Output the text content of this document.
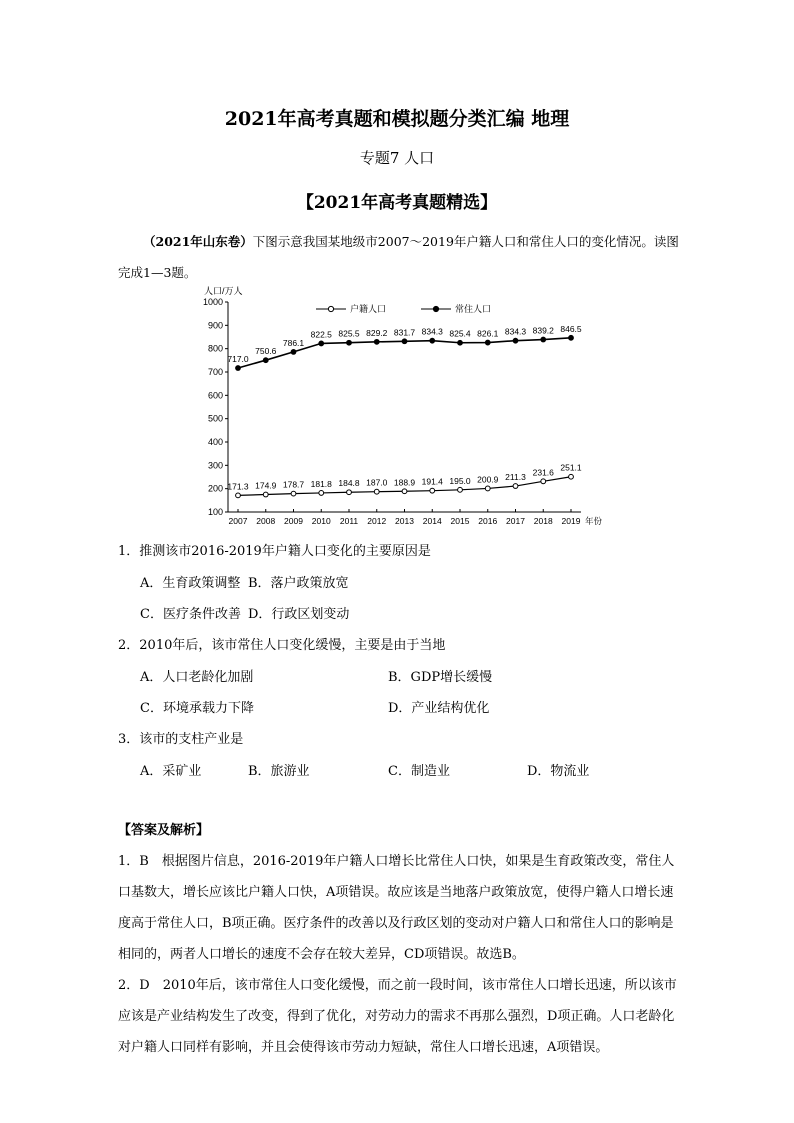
2021年高考真题和模拟题分类汇编 地理
专题7 人口
【2021年高考真题精选】
（2021年山东卷）下图示意我国某地级市2007～2019年户籍人口和常住人口的变化情况。读图完成1—3题。
100
200
300
400
500
600
700
800
900
1000
人口/万人
2007 2008 2009 2010 2011 2012 2013 2014 2015 2016 2017 2018 2019 年份
户籍人口	常住人口
171.3 174.9 178.7 181.8 184.8 187.0 188.9 191.4 195.0 200.9 211.3 231.6 251.1
717.0
750.6
786.1
822.5 825.5 829.2 831.7 834.3 825.4 826.1 834.3 839.2 846.5
1．推测该市2016-2019年户籍人口变化的主要原因是
A．生育政策调整 B．落户政策放宽
C．医疗条件改善 D．行政区划变动
2．2010年后，该市常住人口变化缓慢，主要是由于当地
A．人口老龄化加剧	B．GDP增长缓慢
C．环境承载力下降	D．产业结构优化
3．该市的支柱产业是
A．采矿业	B．旅游业	C．制造业	D．物流业
【答案及解析】
1．B　根据图片信息，2016-2019年户籍人口增长比常住人口快，如果是生育政策改变，常住人口基数大，增长应该比户籍人口快，A项错误。故应该是当地落户政策放宽，使得户籍人口增长速度高于常住人口，B项正确。医疗条件的改善以及行政区划的变动对户籍人口和常住人口的影响是相同的，两者人口增长的速度不会存在较大差异，CD项错误。故选B。
2．D　2010年后，该市常住人口变化缓慢，而之前一段时间，该市常住人口增长迅速，所以该市应该是产业结构发生了改变，得到了优化，对劳动力的需求不再那么强烈，D项正确。人口老龄化对户籍人口同样有影响，并且会使得该市劳动力短缺，常住人口增长迅速，A项错误。
